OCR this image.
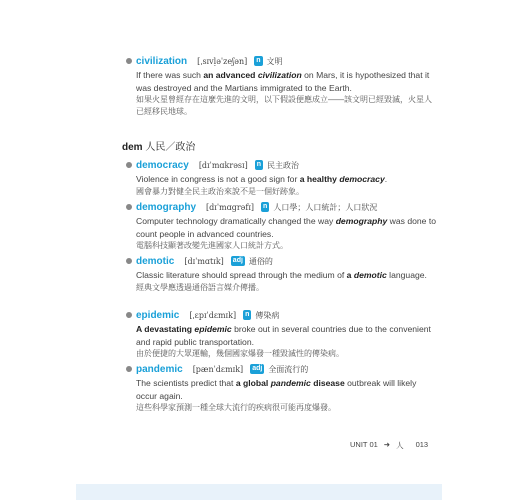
civilization [ˌsɪvḷəˈzeʃən] n 文明
If there was such an advanced civilization on Mars, it is hypothesized that it was destroyed and the Martians immigrated to the Earth.
如果火星曾經存在這麼先進的文明，以下假設便應成立——該文明已經毀滅，火星人已經移民地球。
dem 人民／政治
democracy [dɪˈmɑkrəsɪ] n 民主政治
Violence in congress is not a good sign for a healthy democracy.
國會暴力對健全民主政治來說不是一個好跡象。
demography [dɪˈmɑgrəfɪ] n 人口學；人口統計；人口狀況
Computer technology dramatically changed the way demography was done to count people in advanced countries.
電腦科技顯著改變先進國家人口統計方式。
demotic [dɪˈmɑtɪk] adj 通俗的
Classic literature should spread through the medium of a demotic language.
經典文學應透過通俗語言媒介傳播。
epidemic [ˌɛpɪˈdɛmɪk] n 傳染病
A devastating epidemic broke out in several countries due to the convenient and rapid public transportation.
由於便捷的大眾運輸，幾個國家爆發一種毀滅性的傳染病。
pandemic [pænˈdɛmɪk] adj 全面流行的
The scientists predict that a global pandemic disease outbreak will likely occur again.
這些科學家預測一種全球大流行的疾病很可能再度爆發。
UNIT 01 ➜ 人 013
